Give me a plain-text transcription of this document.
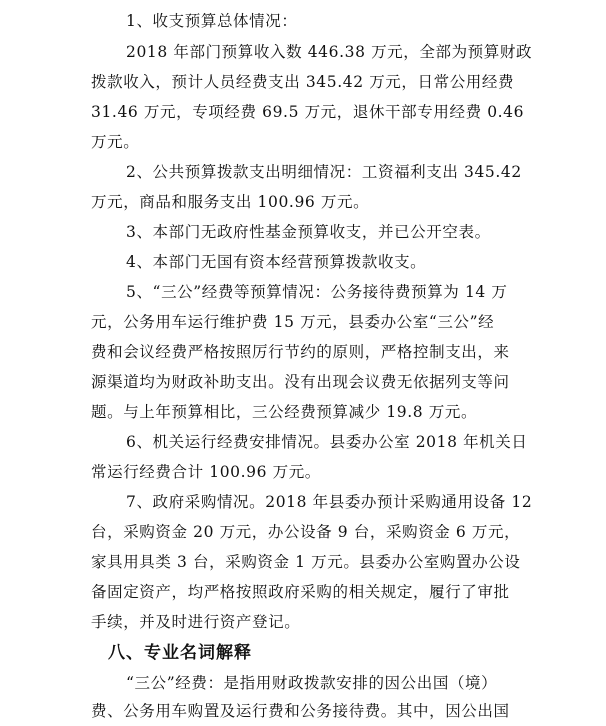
1、收支预算总体情况：
2018 年部门预算收入数 446.38 万元，全部为预算财政
拨款收入，预计人员经费支出 345.42 万元，日常公用经费
31.46 万元，专项经费 69.5 万元，退休干部专用经费 0.46
万元。
2、公共预算拨款支出明细情况：工资福利支出 345.42
万元，商品和服务支出 100.96 万元。
3、本部门无政府性基金预算收支，并已公开空表。
4、本部门无国有资本经营预算拨款收支。
5、“三公”经费等预算情况：公务接待费预算为 14 万
元，公务用车运行维护费 15 万元，县委办公室“三公”经
费和会议经费严格按照厉行节约的原则，严格控制支出，来
源渠道均为财政补助支出。没有出现会议费无依据列支等问
题。与上年预算相比，三公经费预算减少 19.8 万元。
6、机关运行经费安排情况。县委办公室 2018 年机关日
常运行经费合计 100.96 万元。
7、政府采购情况。2018 年县委办预计采购通用设备 12
台，采购资金 20 万元，办公设备 9 台，采购资金 6 万元，
家具用具类 3 台，采购资金 1 万元。县委办公室购置办公设
备固定资产，均严格按照政府采购的相关规定，履行了审批
手续，并及时进行资产登记。
八、专业名词解释
“三公”经费：是指用财政拨款安排的因公出国（境）
费、公务用车购置及运行费和公务接待费。其中，因公出国
